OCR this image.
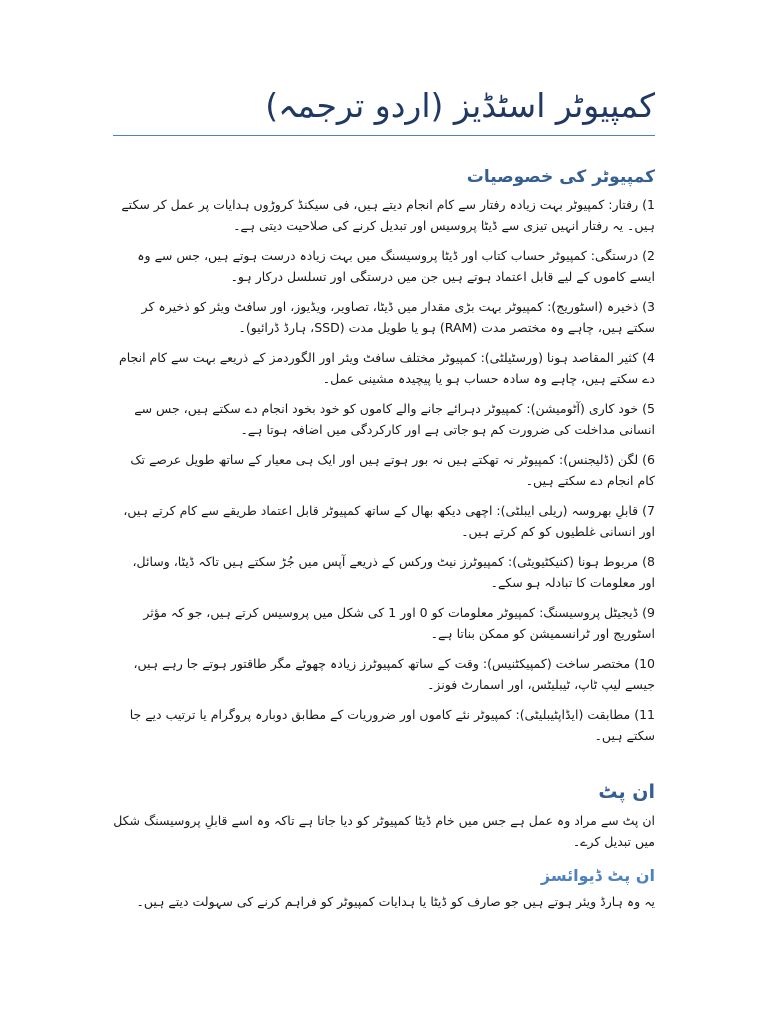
کمپیوٹر اسٹڈیز (اردو ترجمہ)
کمپیوٹر کی خصوصیات

1)رفتار: کمپیوٹر بہت زیادہ رفتار سے کام انجام دیتے ہیں، فی سیکنڈ کروڑوں ہدایات پر عمل کر سکتے ہیں۔ یہ رفتار انہیں تیزی سے ڈیٹا پروسیس اور تبدیل کرنے کی صلاحیت دیتی ہے۔

2)درستگی: کمپیوٹر حساب کتاب اور ڈیٹا پروسیسنگ میں بہت زیادہ درست ہوتے ہیں، جس سے وہ ایسے کاموں کے لیے قابل اعتماد ہوتے ہیں جن میں درستگی اور تسلسل درکار ہو۔

3)ذخیرہ (اسٹوریج): کمپیوٹر بہت بڑی مقدار میں ڈیٹا، تصاویر، ویڈیوز، اور سافٹ ویئر کو ذخیرہ کر سکتے ہیں، چاہے وہ مختصر مدت (RAM) ہو یا طویل مدت (SSD، ہارڈ ڈرائیو)۔

4)کثیر المقاصد ہونا (ورسٹیلٹی): کمپیوٹر مختلف سافٹ ویئر اور الگوردمز کے ذریعے بہت سے کام انجام دے سکتے ہیں، چاہے وہ سادہ حساب ہو یا پیچیدہ مشینی عمل۔

5)خود کاری (آٹومیشن): کمپیوٹر دہرائے جانے والے کاموں کو خود بخود انجام دے سکتے ہیں، جس سے انسانی مداخلت کی ضرورت کم ہو جاتی ہے اور کارکردگی میں اضافہ ہوتا ہے۔

6)لگن (ڈلیجنس): کمپیوٹر نہ تھکتے ہیں نہ بور ہوتے ہیں اور ایک ہی معیار کے ساتھ طویل عرصے تک کام انجام دے سکتے ہیں۔

7)قابلِ بھروسہ (ریلی ایبلٹی): اچھی دیکھ بھال کے ساتھ کمپیوٹر قابل اعتماد طریقے سے کام کرتے ہیں، اور انسانی غلطیوں کو کم کرتے ہیں۔

8)مربوط ہونا (کنیکٹیویٹی): کمپیوٹرز نیٹ ورکس کے ذریعے آپس میں جُڑ سکتے ہیں تاکہ ڈیٹا، وسائل، اور معلومات کا تبادلہ ہو سکے۔

9)ڈیجیٹل پروسیسنگ: کمپیوٹر معلومات کو 0 اور 1 کی شکل میں پروسیس کرتے ہیں، جو کہ مؤثر اسٹوریج اور ٹرانسمیشن کو ممکن بناتا ہے۔

10)مختصر ساخت (کمپیکٹنیس): وقت کے ساتھ کمپیوٹرز زیادہ چھوٹے مگر طاقتور ہوتے جا رہے ہیں، جیسے لیپ ٹاپ، ٹیبلیٹس، اور اسمارٹ فونز۔

11)مطابقت (ایڈاپٹیبلیٹی): کمپیوٹر نئے کاموں اور ضروریات کے مطابق دوبارہ پروگرام یا ترتیب دیے جا سکتے ہیں۔

ان پٹ

ان پٹ سے مراد وہ عمل ہے جس میں خام ڈیٹا کمپیوٹر کو دیا جاتا ہے تاکہ وہ اسے قابلِ پروسیسنگ شکل میں تبدیل کرے۔

ان پٹ ڈیوائسز

یہ وہ ہارڈ ویئر ہوتے ہیں جو صارف کو ڈیٹا یا ہدایات کمپیوٹر کو فراہم کرنے کی سہولت دیتے ہیں۔
